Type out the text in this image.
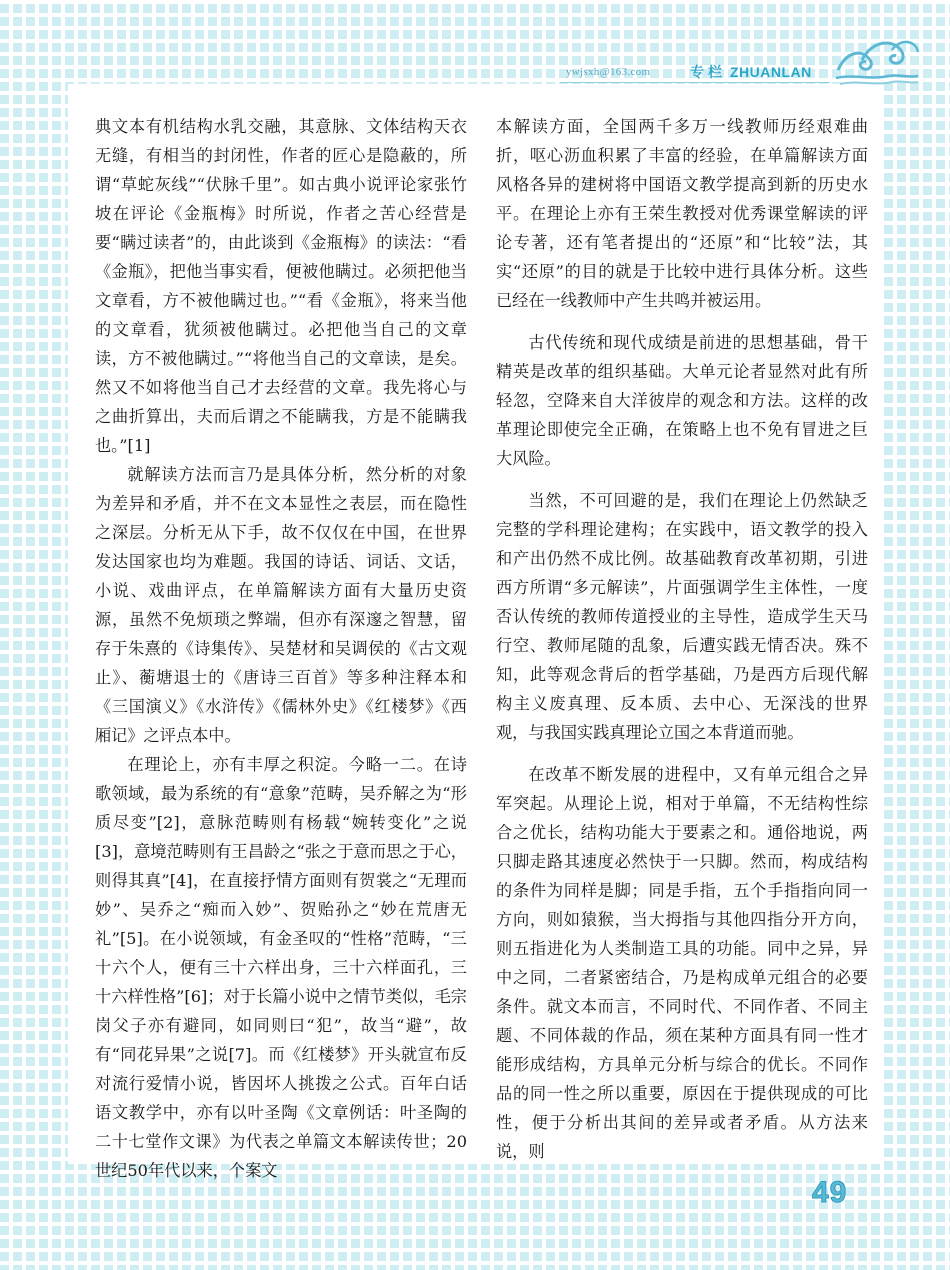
ywjsxh@163.com	专栏 ZHUANLAN

典文本有机结构水乳交融，其意脉、文体结构天衣无缝，有相当的封闭性，作者的匠心是隐蔽的，所谓“草蛇灰线”“伏脉千里”。如古典小说评论家张竹坡在评论《金瓶梅》时所说，作者之苦心经营是要“瞒过读者”的，由此谈到《金瓶梅》的读法：“看《金瓶》，把他当事实看，便被他瞒过。必须把他当文章看，方不被他瞒过也。”“看《金瓶》，将来当他的文章看，犹须被他瞒过。必把他当自己的文章读，方不被他瞒过。”“将他当自己的文章读，是矣。然又不如将他当自己才去经营的文章。我先将心与之曲折算出，夫而后谓之不能瞒我，方是不能瞒我也。”[1]

就解读方法而言乃是具体分析，然分析的对象为差异和矛盾，并不在文本显性之表层，而在隐性之深层。分析无从下手，故不仅仅在中国，在世界发达国家也均为难题。我国的诗话、词话、文话，小说、戏曲评点，在单篇解读方面有大量历史资源，虽然不免烦琐之弊端，但亦有深邃之智慧，留存于朱熹的《诗集传》、吴楚材和吴调侯的《古文观止》、蘅塘退士的《唐诗三百首》等多种注释本和《三国演义》《水浒传》《儒林外史》《红楼梦》《西厢记》之评点本中。

在理论上，亦有丰厚之积淀。今略一二。在诗歌领域，最为系统的有“意象”范畴，吴乔解之为“形质尽变”[2]，意脉范畴则有杨载“婉转变化”之说[3]，意境范畴则有王昌龄之“张之于意而思之于心，则得其真”[4]，在直接抒情方面则有贺裳之“无理而妙”、吴乔之“痴而入妙”、贺贻孙之“妙在荒唐无礼”[5]。在小说领域，有金圣叹的“性格”范畴，“三十六个人，便有三十六样出身，三十六样面孔，三十六样性格”[6]；对于长篇小说中之情节类似，毛宗岗父子亦有避同，如同则曰“犯”，故当“避”，故有“同花异果”之说[7]。而《红楼梦》开头就宣布反对流行爱情小说，皆因坏人挑拨之公式。百年白话语文教学中，亦有以叶圣陶《文章例话：叶圣陶的二十七堂作文课》为代表之单篇文本解读传世；20世纪50年代以来，个案文

本解读方面，全国两千多万一线教师历经艰难曲折，呕心沥血积累了丰富的经验，在单篇解读方面风格各异的建树将中国语文教学提高到新的历史水平。在理论上亦有王荣生教授对优秀课堂解读的评论专著，还有笔者提出的“还原”和“比较”法，其实“还原”的目的就是于比较中进行具体分析。这些已经在一线教师中产生共鸣并被运用。

古代传统和现代成绩是前进的思想基础，骨干精英是改革的组织基础。大单元论者显然对此有所轻忽，空降来自大洋彼岸的观念和方法。这样的改革理论即使完全正确，在策略上也不免有冒进之巨大风险。

当然，不可回避的是，我们在理论上仍然缺乏完整的学科理论建构；在实践中，语文教学的投入和产出仍然不成比例。故基础教育改革初期，引进西方所谓“多元解读”，片面强调学生主体性，一度否认传统的教师传道授业的主导性，造成学生天马行空、教师尾随的乱象，后遭实践无情否决。殊不知，此等观念背后的哲学基础，乃是西方后现代解构主义废真理、反本质、去中心、无深浅的世界观，与我国实践真理论立国之本背道而驰。

在改革不断发展的进程中，又有单元组合之异军突起。从理论上说，相对于单篇，不无结构性综合之优长，结构功能大于要素之和。通俗地说，两只脚走路其速度必然快于一只脚。然而，构成结构的条件为同样是脚；同是手指，五个手指指向同一方向，则如猿猴，当大拇指与其他四指分开方向，则五指进化为人类制造工具的功能。同中之异，异中之同，二者紧密结合，乃是构成单元组合的必要条件。就文本而言，不同时代、不同作者、不同主题、不同体裁的作品，须在某种方面具有同一性才能形成结构，方具单元分析与综合的优长。不同作品的同一性之所以重要，原因在于提供现成的可比性，便于分析出其间的差异或者矛盾。从方法来说，则

49
